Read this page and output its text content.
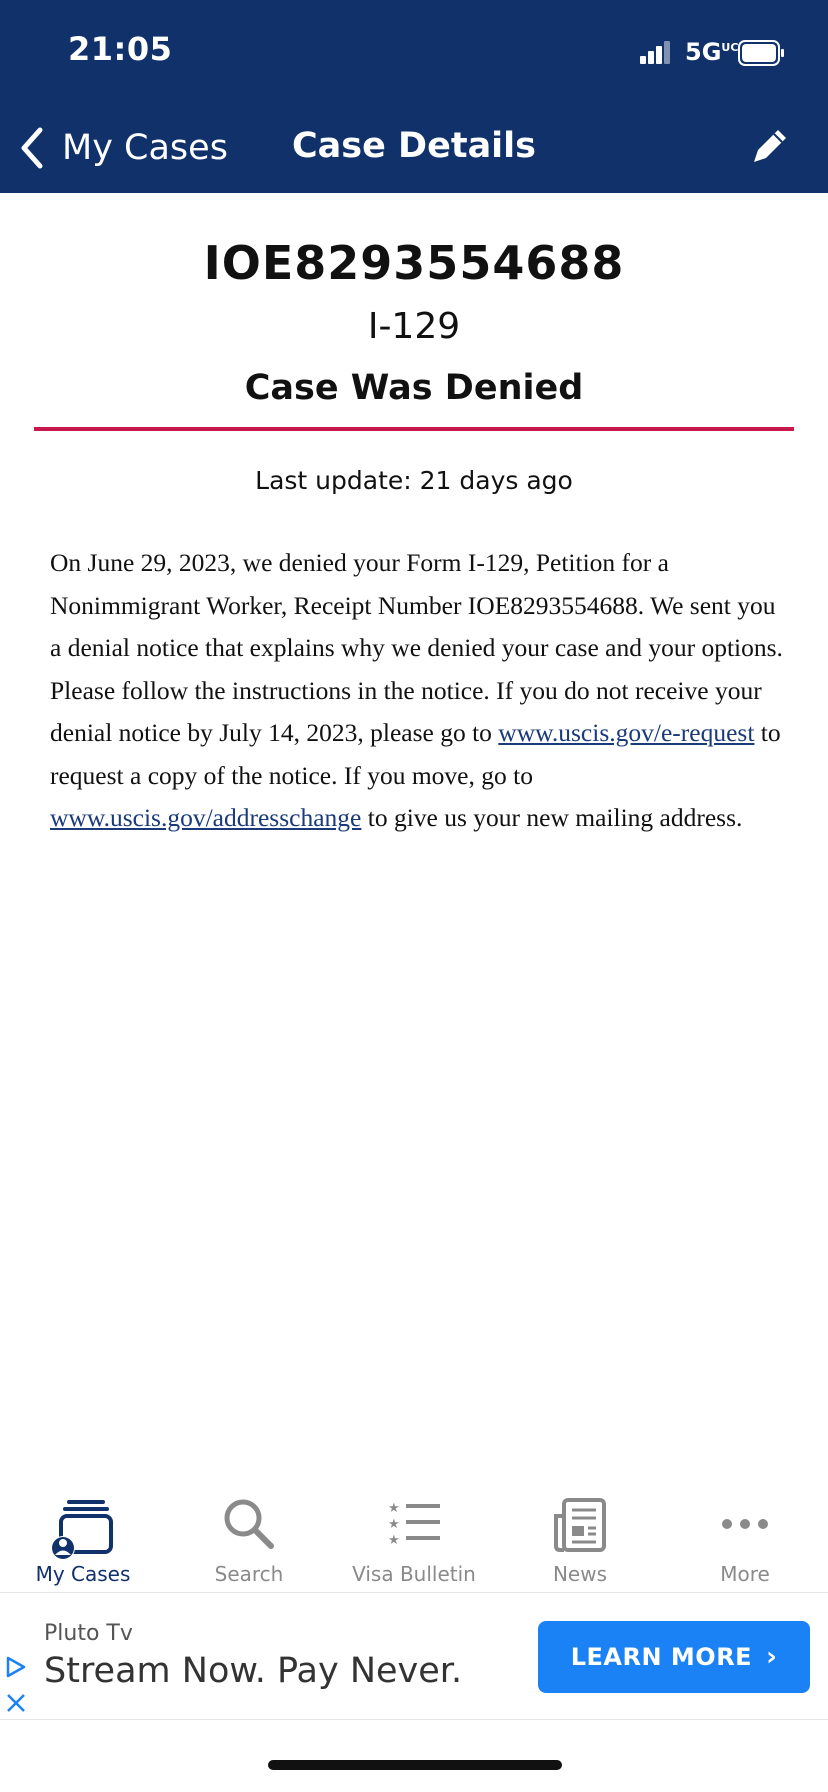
21:05	$5G^{UC}$
My Cases	Case Details
IOE8293554688
I-129
Case Was Denied
Last update: 21 days ago
On June 29, 2023, we denied your Form I-129, Petition for a Nonimmigrant Worker, Receipt Number IOE8293554688. We sent you a denial notice that explains why we denied your case and your options. Please follow the instructions in the notice. If you do not receive your denial notice by July 14, 2023, please go to www.uscis.gov/e-request to request a copy of the notice. If you move, go to www.uscis.gov/addresschange to give us your new mailing address.
My Cases	Search
★
★
★
Visa Bulletin	News	More
Pluto Tv
Stream Now. Pay Never.	LEARN MORE ›
